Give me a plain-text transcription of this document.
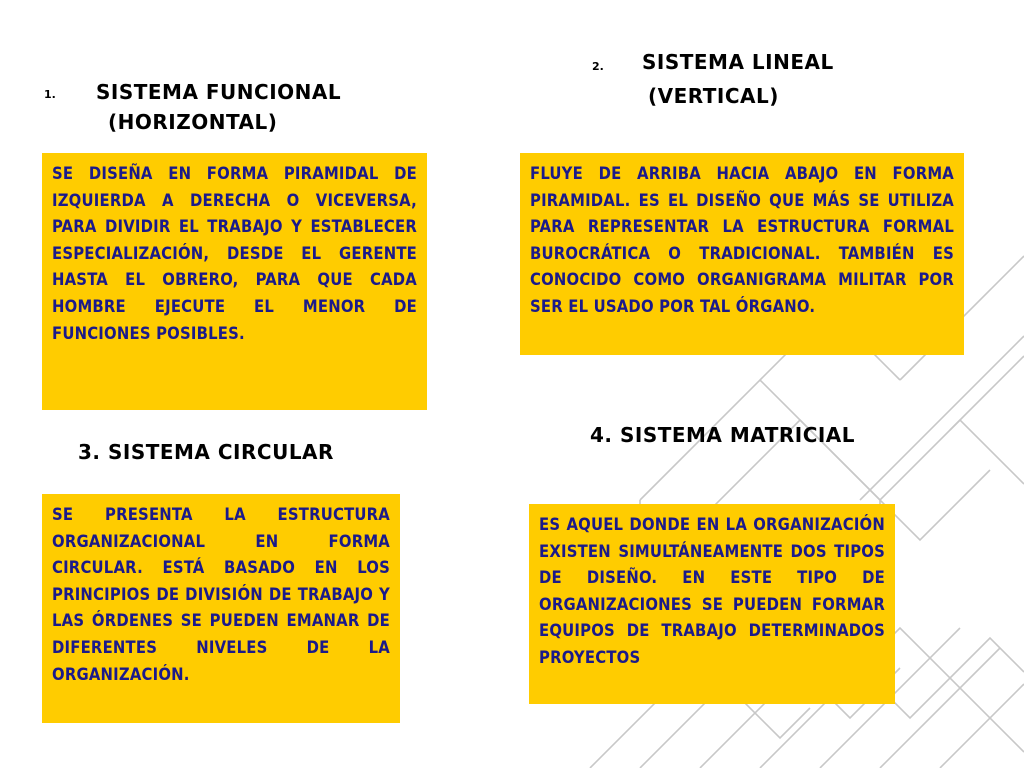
1. SISTEMA FUNCIONAL
(HORIZONTAL)
2. SISTEMA LINEAL
(VERTICAL)

SE DISEÑA EN FORMA PIRAMIDAL DE IZQUIERDA A DERECHA O VICEVERSA, PARA DIVIDIR EL TRABAJO Y ESTABLECER ESPECIALIZACIÓN, DESDE EL GERENTE HASTA EL OBRERO, PARA QUE CADA HOMBRE EJECUTE EL MENOR DE FUNCIONES POSIBLES.

FLUYE DE ARRIBA HACIA ABAJO EN FORMA PIRAMIDAL. ES EL DISEÑO QUE MÁS SE UTILIZA PARA REPRESENTAR LA ESTRUCTURA FORMAL BUROCRÁTICA O TRADICIONAL. TAMBIÉN ES CONOCIDO COMO ORGANIGRAMA MILITAR POR SER EL USADO POR TAL ÓRGANO.

3. SISTEMA CIRCULAR
4. SISTEMA MATRICIAL

SE PRESENTA LA ESTRUCTURA ORGANIZACIONAL EN FORMA CIRCULAR. ESTÁ BASADO EN LOS PRINCIPIOS DE DIVISIÓN DE TRABAJO Y LAS ÓRDENES SE PUEDEN EMANAR DE DIFERENTES NIVELES DE LA ORGANIZACIÓN.

ES AQUEL DONDE EN LA ORGANIZACIÓN EXISTEN SIMULTÁNEAMENTE DOS TIPOS DE DISEÑO. EN ESTE TIPO DE ORGANIZACIONES SE PUEDEN FORMAR EQUIPOS DE TRABAJO DETERMINADOS PROYECTOS
